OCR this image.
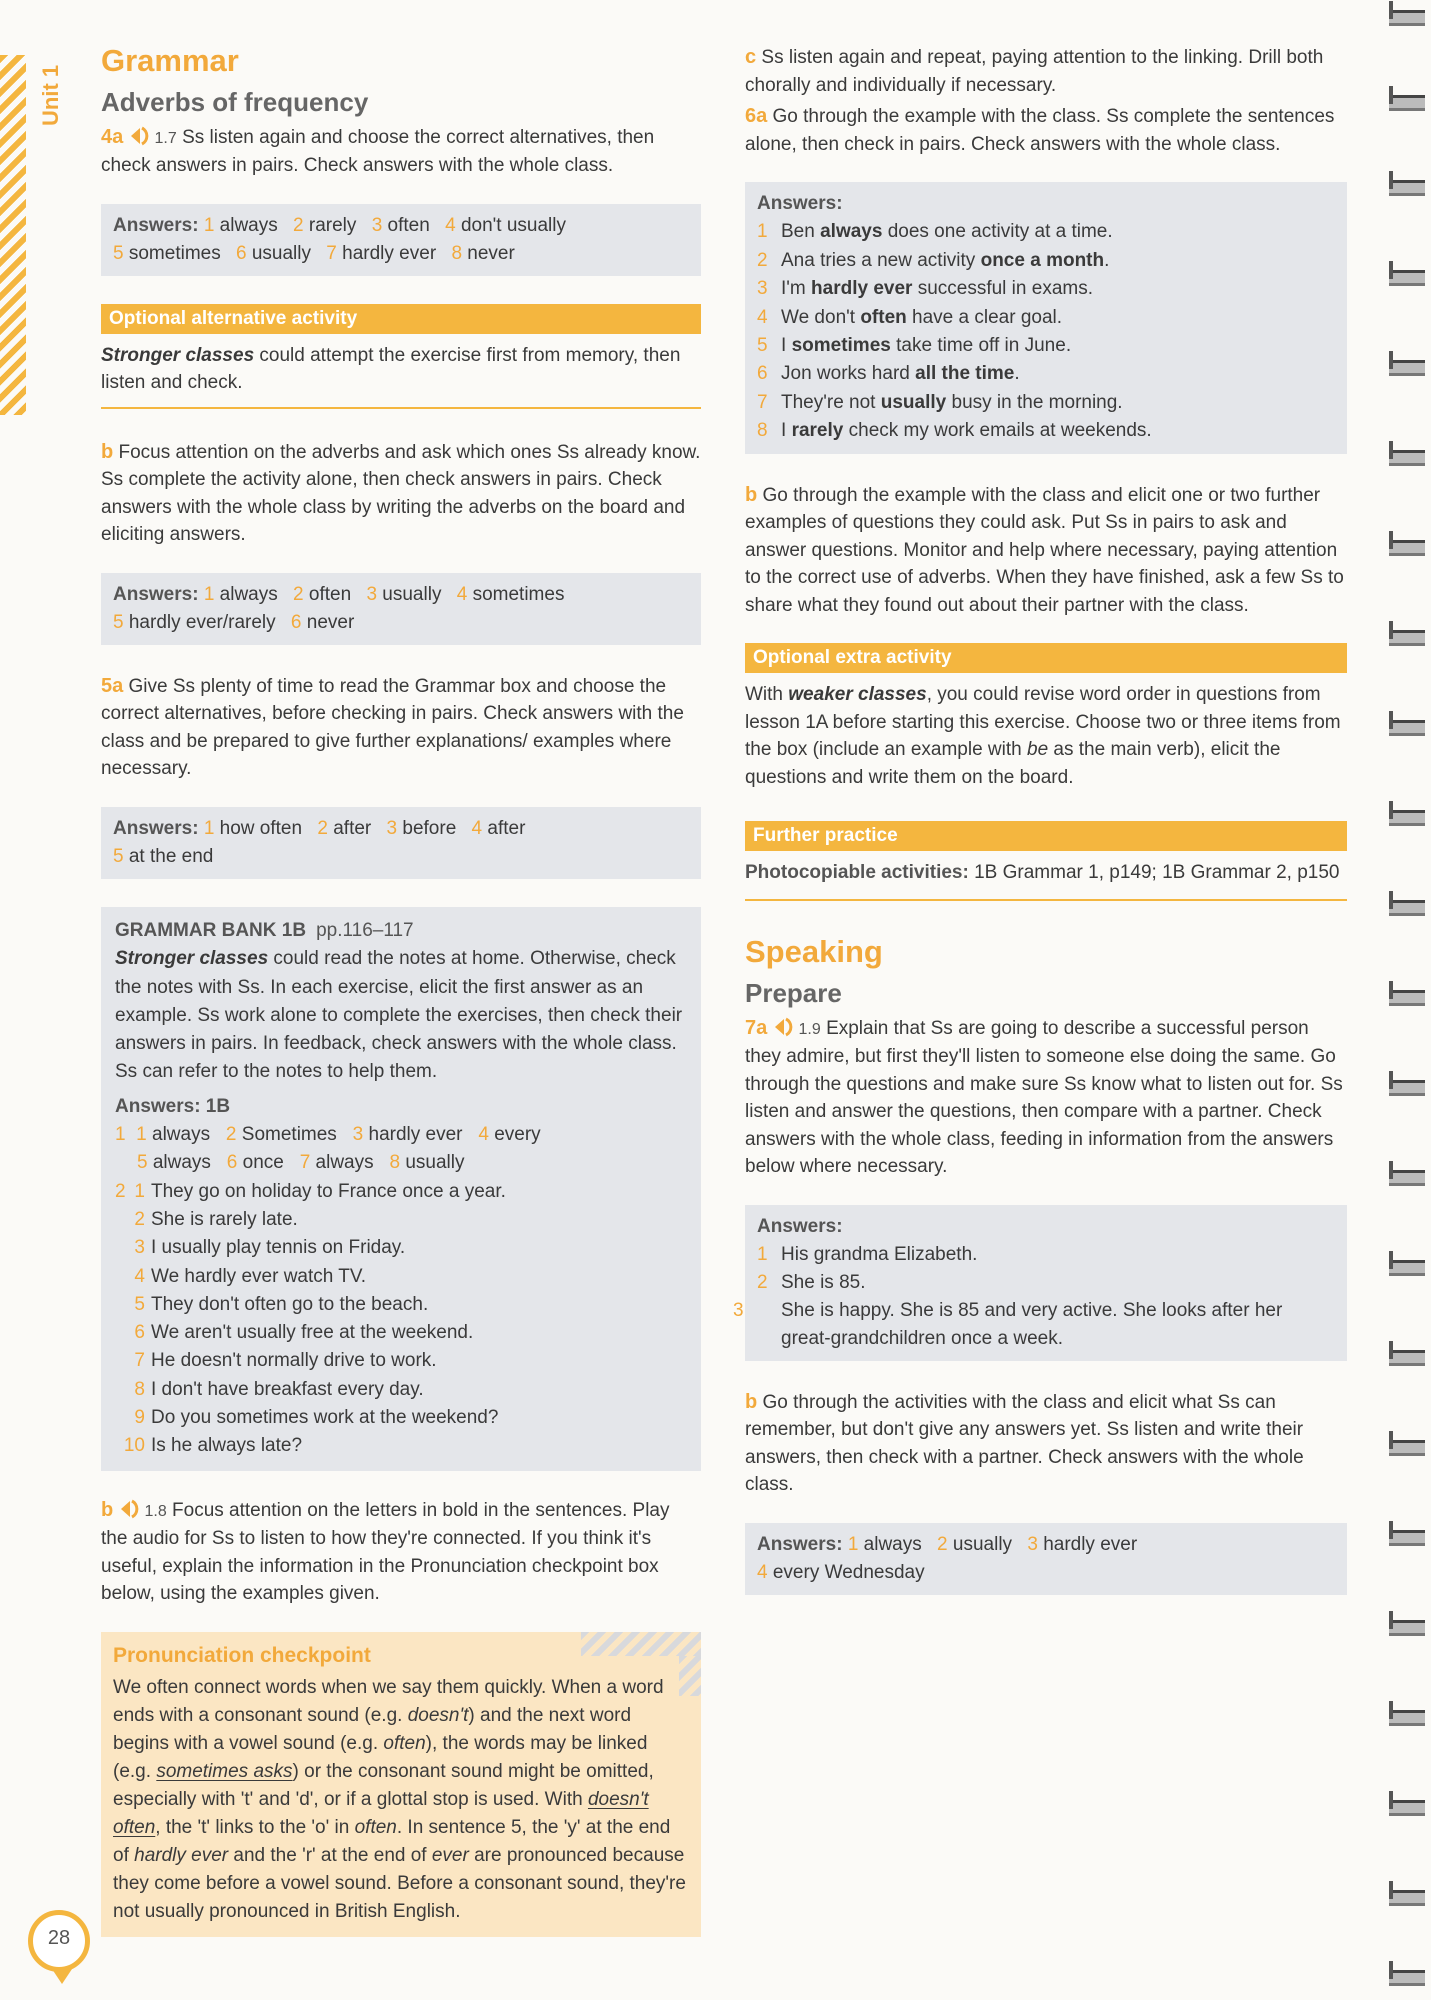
Unit 1
Grammar
Adverbs of frequency

4a 1.7 Ss listen again and choose the correct alternatives, then check answers in pairs. Check answers with the whole class.

Answers: 1 always 2 rarely 3 often 4 don't usually
5 sometimes 6 usually 7 hardly ever 8 never
Optional alternative activity
Stronger classes could attempt the exercise first from memory, then listen and check.

b Focus attention on the adverbs and ask which ones Ss already know. Ss complete the activity alone, then check answers in pairs. Check answers with the whole class by writing the adverbs on the board and eliciting answers.

Answers: 1 always 2 often 3 usually 4 sometimes
5 hardly ever/rarely 6 never

5a Give Ss plenty of time to read the Grammar box and choose the correct alternatives, before checking in pairs. Check answers with the class and be prepared to give further explanations/ examples where necessary.

Answers: 1 how often 2 after 3 before 4 after
5 at the end
GRAMMAR BANK 1B pp.116–117
Stronger classes could read the notes at home. Otherwise, check the notes with Ss. In each exercise, elicit the first answer as an example. Ss work alone to complete the exercises, then check their answers in pairs. In feedback, check answers with the whole class. Ss can refer to the notes to help them.
Answers: 1B
1 1 always 2 Sometimes 3 hardly ever 4 every
5 always 6 once 7 always 8 usually
2 1 They go on holiday to France once a year.
2 She is rarely late.
3 I usually play tennis on Friday.
4 We hardly ever watch TV.
5 They don't often go to the beach.
6 We aren't usually free at the weekend.
7 He doesn't normally drive to work.
8 I don't have breakfast every day.
9 Do you sometimes work at the weekend?
10 Is he always late?

b 1.8 Focus attention on the letters in bold in the sentences. Play the audio for Ss to listen to how they're connected. If you think it's useful, explain the information in the Pronunciation checkpoint box below, using the examples given.

Pronunciation checkpoint
We often connect words when we say them quickly. When a word ends with a consonant sound (e.g. doesn't) and the next word begins with a vowel sound (e.g. often), the words may be linked (e.g. sometimes asks) or the consonant sound might be omitted, especially with 't' and 'd', or if a glottal stop is used. With doesn't often, the 't' links to the 'o' in often. In sentence 5, the 'y' at the end of hardly ever and the 'r' at the end of ever are pronounced because they come before a vowel sound. Before a consonant sound, they're not usually pronounced in British English.

c Ss listen again and repeat, paying attention to the linking. Drill both chorally and individually if necessary.

6a Go through the example with the class. Ss complete the sentences alone, then check in pairs. Check answers with the whole class.

Answers:
1 Ben always does one activity at a time.
2 Ana tries a new activity once a month.
3 I'm hardly ever successful in exams.
4 We don't often have a clear goal.
5 I sometimes take time off in June.
6 Jon works hard all the time.
7 They're not usually busy in the morning.
8 I rarely check my work emails at weekends.

b Go through the example with the class and elicit one or two further examples of questions they could ask. Put Ss in pairs to ask and answer questions. Monitor and help where necessary, paying attention to the correct use of adverbs. When they have finished, ask a few Ss to share what they found out about their partner with the class.

Optional extra activity
With weaker classes, you could revise word order in questions from lesson 1A before starting this exercise. Choose two or three items from the box (include an example with be as the main verb), elicit the questions and write them on the board.
Further practice
Photocopiable activities: 1B Grammar 1, p149; 1B Grammar 2, p150
Speaking
Prepare

7a 1.9 Explain that Ss are going to describe a successful person they admire, but first they'll listen to someone else doing the same. Go through the questions and make sure Ss know what to listen out for. Ss listen and answer the questions, then compare with a partner. Check answers with the whole class, feeding in information from the answers below where necessary.

Answers:
1 His grandma Elizabeth.
2 She is 85.
3 She is happy. She is 85 and very active. She looks after her great-grandchildren once a week.

b Go through the activities with the class and elicit what Ss can remember, but don't give any answers yet. Ss listen and write their answers, then check with a partner. Check answers with the whole class.

Answers: 1 always 2 usually 3 hardly ever
4 every Wednesday
28
